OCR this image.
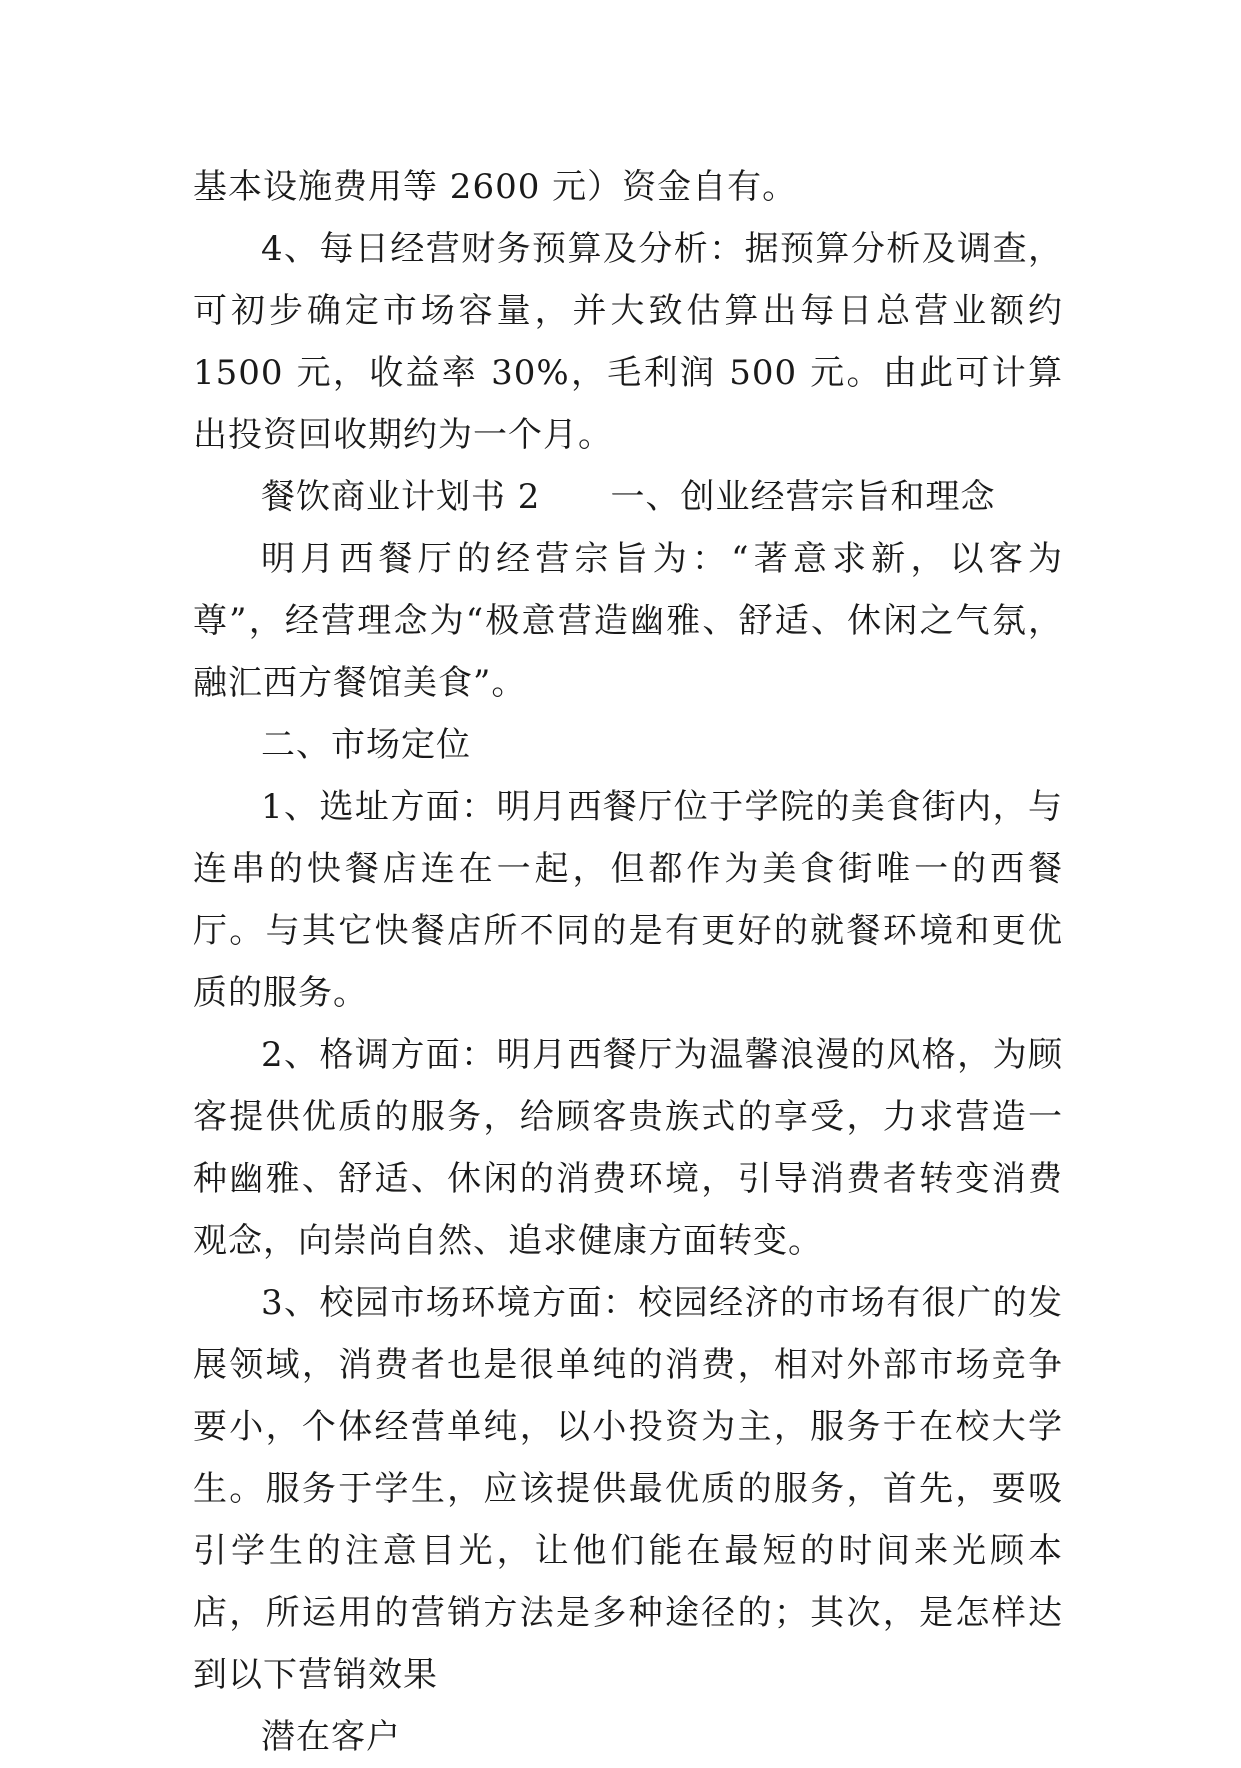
基本设施费用等 2600 元）资金自有。

4、每日经营财务预算及分析：据预算分析及调查，可初步确定市场容量，并大致估算出每日总营业额约 1500 元，收益率 30%，毛利润 500 元。由此可计算出投资回收期约为一个月。

餐饮商业计划书 2 一、创业经营宗旨和理念

明月西餐厅的经营宗旨为：“著意求新，以客为尊”，经营理念为“极意营造幽雅、舒适、休闲之气氛，融汇西方餐馆美食”。

二、市场定位

1、选址方面：明月西餐厅位于学院的美食街内，与连串的快餐店连在一起，但都作为美食街唯一的西餐厅。与其它快餐店所不同的是有更好的就餐环境和更优质的服务。

2、格调方面：明月西餐厅为温馨浪漫的风格，为顾客提供优质的服务，给顾客贵族式的享受，力求营造一种幽雅、舒适、休闲的消费环境，引导消费者转变消费观念，向崇尚自然、追求健康方面转变。

3、校园市场环境方面：校园经济的市场有很广的发展领域，消费者也是很单纯的消费，相对外部市场竞争要小，个体经营单纯，以小投资为主，服务于在校大学生。服务于学生，应该提供最优质的服务，首先，要吸引学生的注意目光，让他们能在最短的时间来光顾本店，所运用的营销方法是多种途径的；其次，是怎样达到以下营销效果

潜在客户
